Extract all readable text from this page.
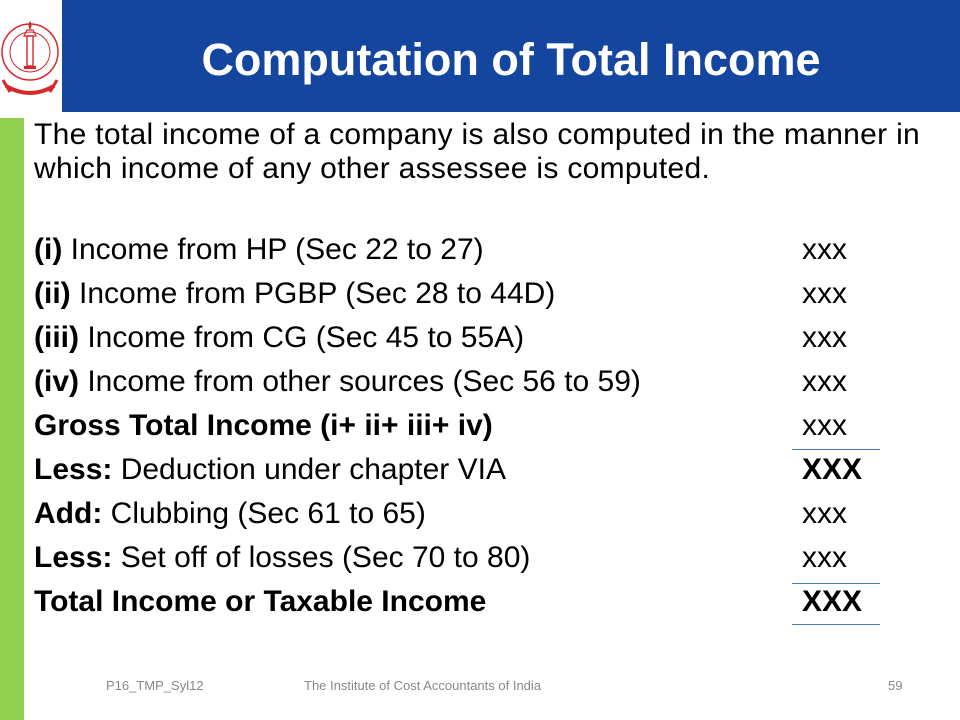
Computation of Total Income
The total income of a company is also computed in the manner in which income of any other assessee is computed.
(i) Income from HP (Sec 22 to 27)	xxx
(ii) Income from PGBP (Sec 28 to 44D)	xxx
(iii) Income from CG (Sec 45 to 55A)	xxx
(iv) Income from other sources (Sec 56 to 59)	xxx
Gross Total Income (i+ ii+ iii+ iv)	xxx
Less: Deduction under chapter VIA	XXX
Add: Clubbing (Sec 61 to 65)	xxx
Less: Set off of losses (Sec 70 to 80)	xxx
Total Income or Taxable Income	XXX
P16_TMP_Syl12	The Institute of Cost Accountants of India	59
